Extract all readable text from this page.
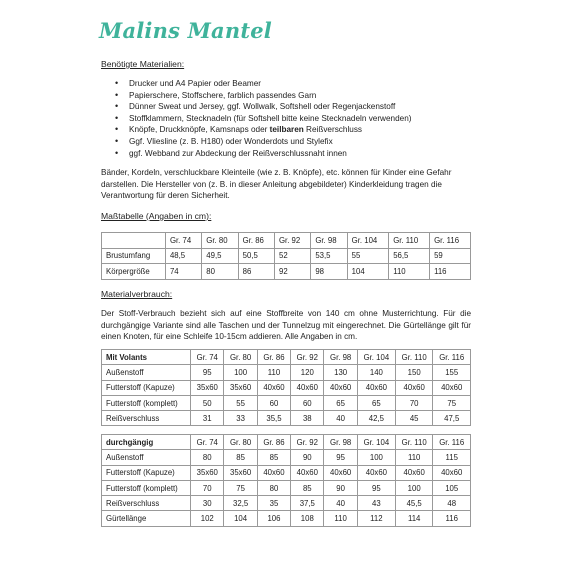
Malins Mantel
Benötigte Materialien:
• Drucker und A4 Papier oder Beamer
• Papierschere, Stoffschere, farblich passendes Garn
• Dünner Sweat und Jersey, ggf. Wollwalk, Softshell oder Regenjackenstoff
• Stoffklammern, Stecknadeln (für Softshell bitte keine Stecknadeln verwenden)
• Knöpfe, Druckknöpfe, Kamsnaps oder teilbaren Reißverschluss
• Ggf. Vliesline (z. B. H180) oder Wonderdots und Stylefix
• ggf. Webband zur Abdeckung der Reißverschlussnaht innen

Bänder, Kordeln, verschluckbare Kleinteile (wie z. B. Knöpfe), etc. können für Kinder eine Gefahr darstellen. Die Hersteller von (z. B. in dieser Anleitung abgebildeter) Kinderkleidung tragen die Verantwortung für deren Sicherheit.

Maßtabelle (Angaben in cm):
	Gr. 74	Gr. 80	Gr. 86	Gr. 92	Gr. 98	Gr. 104	Gr. 110	Gr. 116
Brustumfang	48,5	49,5	50,5	52	53,5	55	56,5	59
Körpergröße	74	80	86	92	98	104	110	116
Materialverbrauch:

Der Stoff-Verbrauch bezieht sich auf eine Stoffbreite von 140 cm ohne Musterrichtung. Für die durchgängige Variante sind alle Taschen und der Tunnelzug mit eingerechnet. Die Gürtellänge gilt für einen Knoten, für eine Schleife 10-15cm addieren. Alle Angaben in cm.

Mit Volants	Gr. 74	Gr. 80	Gr. 86	Gr. 92	Gr. 98	Gr. 104	Gr. 110	Gr. 116
Außenstoff	95	100	110	120	130	140	150	155
Futterstoff (Kapuze)	35x60	35x60	40x60	40x60	40x60	40x60	40x60	40x60
Futterstoff (komplett)	50	55	60	60	65	65	70	75
Reißverschluss	31	33	35,5	38	40	42,5	45	47,5
durchgängig	Gr. 74	Gr. 80	Gr. 86	Gr. 92	Gr. 98	Gr. 104	Gr. 110	Gr. 116
Außenstoff	80	85	85	90	95	100	110	115
Futterstoff (Kapuze)	35x60	35x60	40x60	40x60	40x60	40x60	40x60	40x60
Futterstoff (komplett)	70	75	80	85	90	95	100	105
Reißverschluss	30	32,5	35	37,5	40	43	45,5	48
Gürtellänge	102	104	106	108	110	112	114	116
